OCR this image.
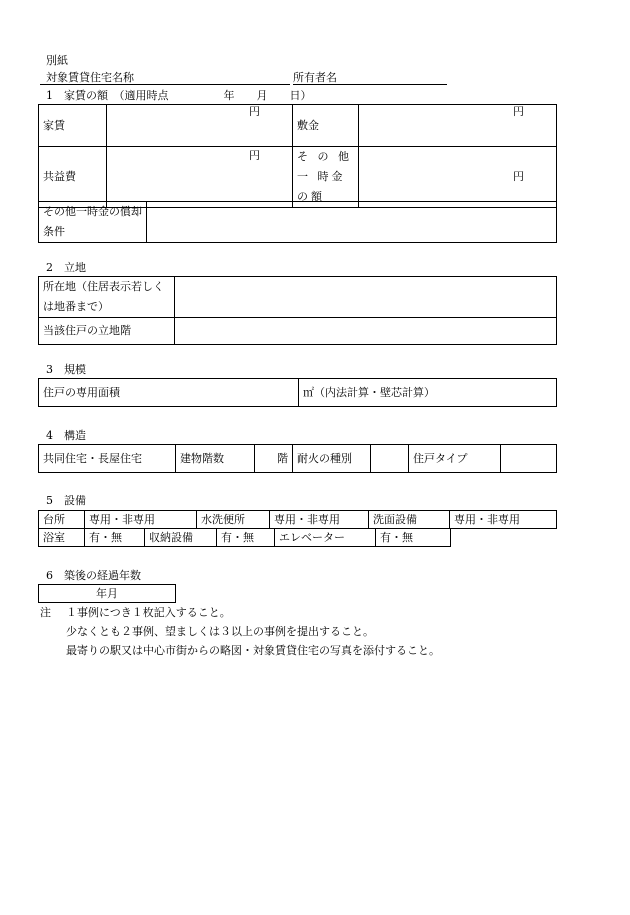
別紙
対象賃貸住宅名称	所有者名
1　家賃の額　（適用時点　　　　　年　　月　　日）
家賃	円	敷金	円

共益費	円	そ の 他 一 時金の額	円
その他一時金の償却条件	
2　立地
所在地（住居表示若しくは地番まで）	
当該住戸の立地階	
3　規模
住戸の専用面積	㎡（内法計算・壁芯計算）
4　構造
共同住宅・長屋住宅	建物階数	階	耐火の種別		住戸タイプ	
5　設備
台所	専用・非専用	水洗便所	専用・非専用	洗面設備	専用・非専用
浴室	有・無	収納設備	有・無	エレベーター	有・無
6　築後の経過年数
年月
注 １事例につき１枚記入すること。
少なくとも２事例、望ましくは３以上の事例を提出すること。
最寄りの駅又は中心市街からの略図・対象賃貸住宅の写真を添付すること。
